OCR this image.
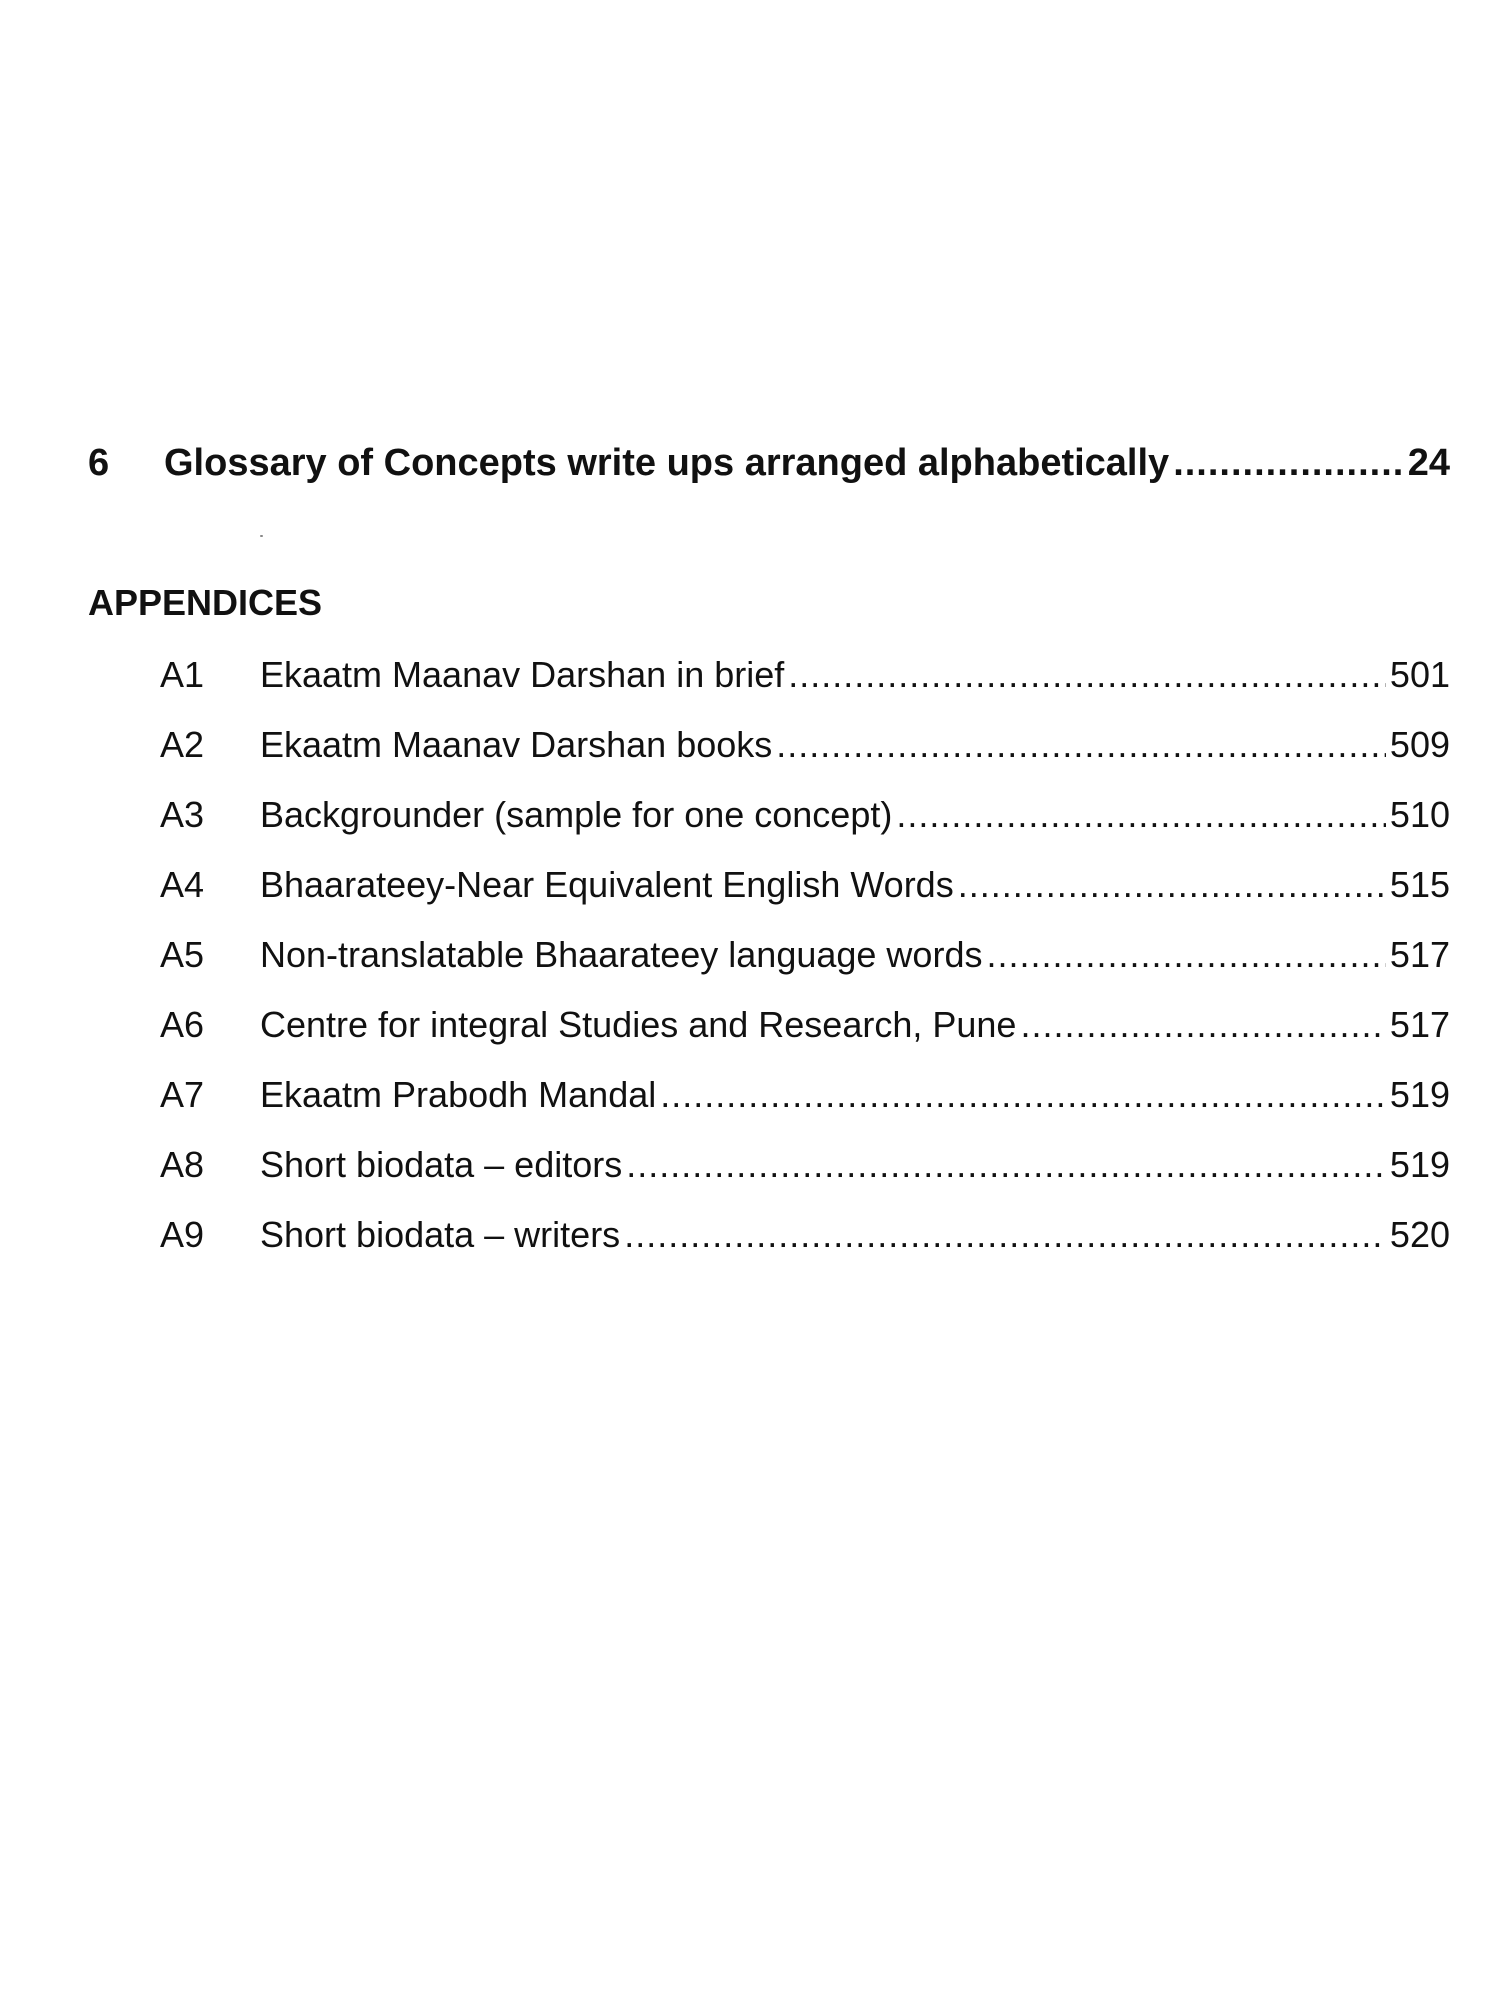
6	Glossary of Concepts write ups arranged alphabetically .....	24
APPENDICES
A1	Ekaatm Maanav Darshan in brief .....	501
A2	Ekaatm Maanav Darshan books .....	509
A3	Backgrounder (sample for one concept) .....	510
A4	Bhaarateey-Near Equivalent English Words .....	515
A5	Non-translatable Bhaarateey language words .....	517
A6	Centre for integral Studies and Research, Pune .....	517
A7	Ekaatm Prabodh Mandal .....	519
A8	Short biodata – editors .....	519
A9	Short biodata – writers .....	520
